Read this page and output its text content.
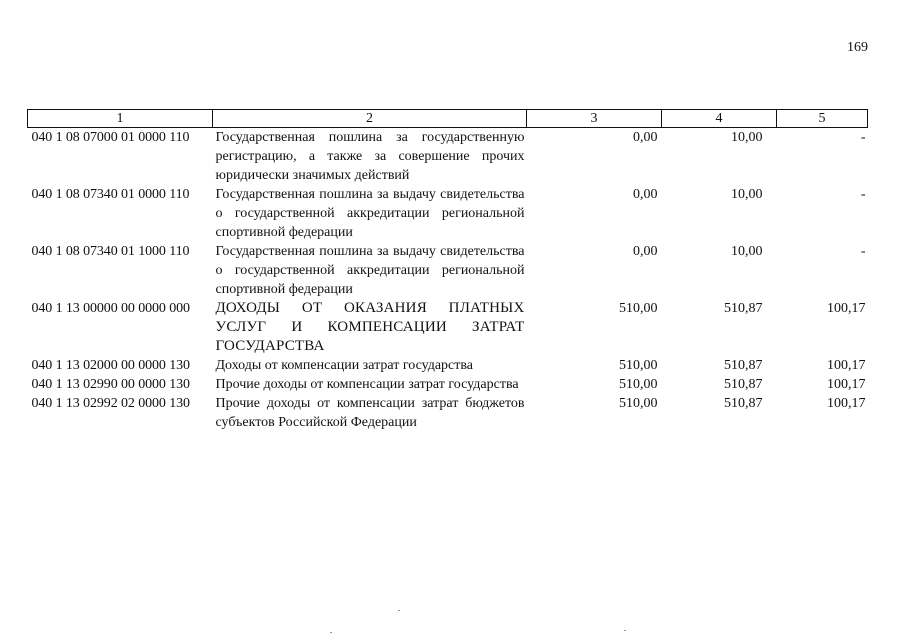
169
1	2	3	4	5
040 1 08 07000 01 0000 110	Государственная пошлина за государственную регистрацию, а также за совершение прочих юридически значимых действий	0,00	10,00	-
040 1 08 07340 01 0000 110	Государственная пошлина за выдачу свидетельства о государственной аккредитации региональной спортивной федерации	0,00	10,00	-
040 1 08 07340 01 1000 110	Государственная пошлина за выдачу свидетельства о государственной аккредитации региональной спортивной федерации	0,00	10,00	-
040 1 13 00000 00 0000 000	ДОХОДЫ ОТ ОКАЗАНИЯ ПЛАТНЫХ УСЛУГ И КОМПЕНСАЦИИ ЗАТРАТ ГОСУДАРСТВА	510,00	510,87	100,17
040 1 13 02000 00 0000 130	Доходы от компенсации затрат государства	510,00	510,87	100,17
040 1 13 02990 00 0000 130	Прочие доходы от компенсации затрат государства	510,00	510,87	100,17
040 1 13 02992 02 0000 130	Прочие доходы от компенсации затрат бюджетов субъектов Российской Федерации	510,00	510,87	100,17
